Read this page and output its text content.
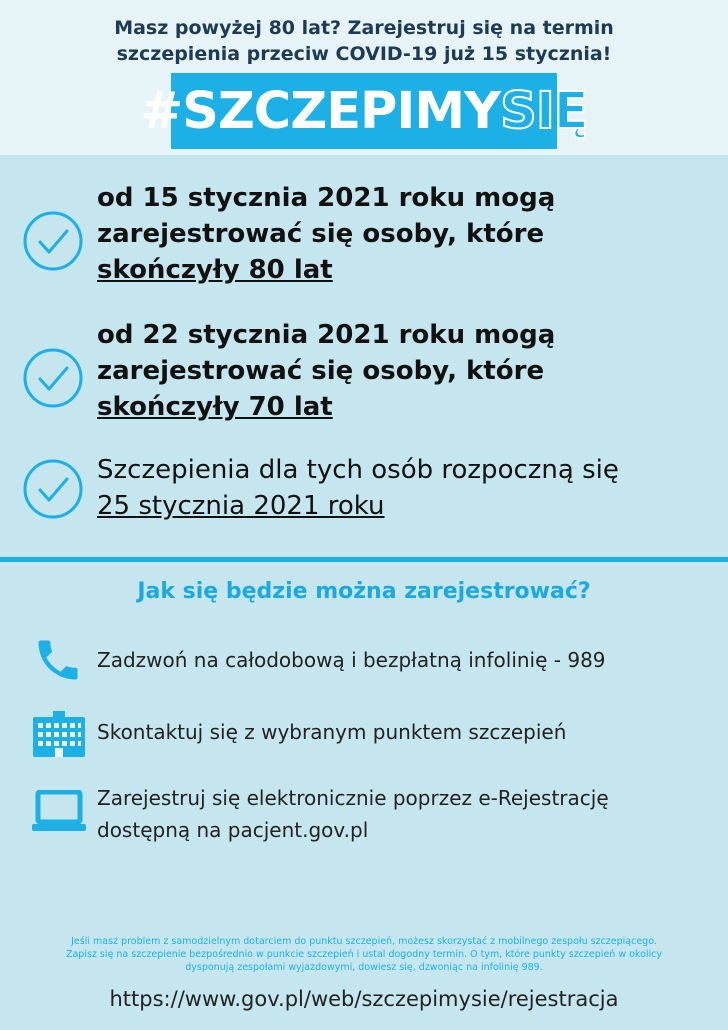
Masz powyżej 80 lat? Zarejestruj się na termin
szczepienia przeciw COVID-19 już 15 stycznia!
#SZCZEPIMY SIĘ
od 15 stycznia 2021 roku mogą
zarejestrować się osoby, które
skończyły 80 lat
od 22 stycznia 2021 roku mogą
zarejestrować się osoby, które
skończyły 70 lat
Szczepienia dla tych osób rozpoczną się
25 stycznia 2021 roku
Jak się będzie można zarejestrować?
Zadzwoń na całodobową i bezpłatną infolinię - 989
Skontaktuj się z wybranym punktem szczepień
Zarejestruj się elektronicznie poprzez e-Rejestrację
dostępną na pacjent.gov.pl
Jeśli masz problem z samodzielnym dotarciem do punktu szczepień, możesz skorzystać z mobilnego zespołu szczepiącego.
Zapisz się na szczepienie bezpośrednio w punkcie szczepień i ustal dogodny termin. O tym, które punkty szczepień w okolicy
dysponują zespołami wyjazdowymi, dowiesz się, dzwoniąc na infolinię 989.
https://www.gov.pl/web/szczepimysie/rejestracja
